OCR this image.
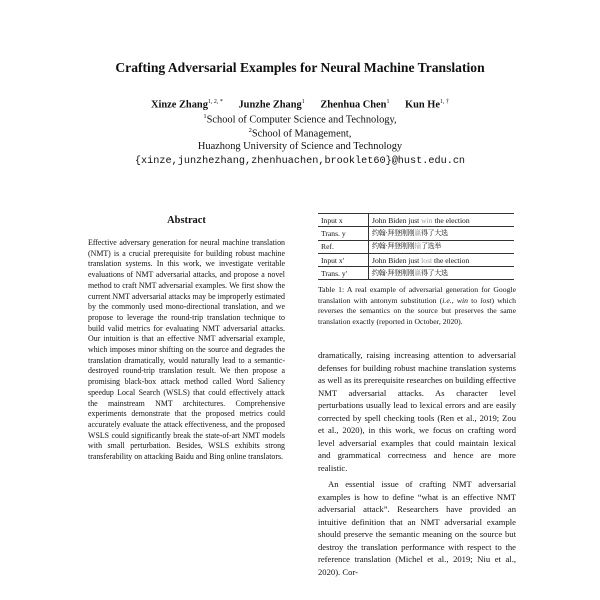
Crafting Adversarial Examples for Neural Machine Translation
Xinze Zhang$^{1, 2, *}$ Junzhe Zhang$^1$ Zhenhua Chen$^1$ Kun $He^{1, \dagger}$
$^1$School of Computer Science and Technology,
$^2$School of Management,
Huazhong University of Science and Technology
{xinze,junzhezhang,zhenhuachen,brooklet60}@hust.edu.cn
Abstract

Effective adversary generation for neural machine translation (NMT) is a crucial prerequisite for building robust machine translation systems. In this work, we investigate veritable evaluations of NMT adversarial attacks, and propose a novel method to craft NMT adversarial examples. We first show the current NMT adversarial attacks may be improperly estimated by the commonly used mono-directional translation, and we propose to leverage the round-trip translation technique to build valid metrics for evaluating NMT adversarial attacks. Our intuition is that an effective NMT adversarial example, which imposes minor shifting on the source and degrades the translation dramatically, would naturally lead to a semantic-destroyed round-trip translation result. We then propose a promising black-box attack method called Word Saliency speedup Local Search (WSLS) that could effectively attack the mainstream NMT architectures. Comprehensive experiments demonstrate that the proposed metrics could accurately evaluate the attack effectiveness, and the proposed WSLS could significantly break the state-of-art NMT models with small perturbation. Besides, WSLS exhibits strong transferability on attacking Baidu and Bing online translators.

Input x	John Biden just win the election
Trans. y	约翰·拜登刚刚赢得了大选
Ref.	约翰·拜登刚刚输了选举
Input x′	John Biden just lost the election
Trans. y′	约翰·拜登刚刚赢得了大选
Table 1: A real example of adversarial generation for Google translation with antonym substitution (i.e., win to lost) which reverses the semantics on the source but preserves the same translation exactly (reported in October, 2020).

dramatically, raising increasing attention to adversarial defenses for building robust machine translation systems as well as its prerequisite researches on building effective NMT adversarial attacks. As character level perturbations usually lead to lexical errors and are easily corrected by spell checking tools (Ren et al., 2019; Zou et al., 2020), in this work, we focus on crafting word level adversarial examples that could maintain lexical and grammatical correctness and hence are more realistic.

An essential issue of crafting NMT adversarial examples is how to define “what is an effective NMT adversarial attack”. Researchers have provided an intuitive definition that an NMT adversarial example should preserve the semantic meaning on the source but destroy the translation performance with respect to the reference translation (Michel et al., 2019; Niu et al., 2020). Cor-
